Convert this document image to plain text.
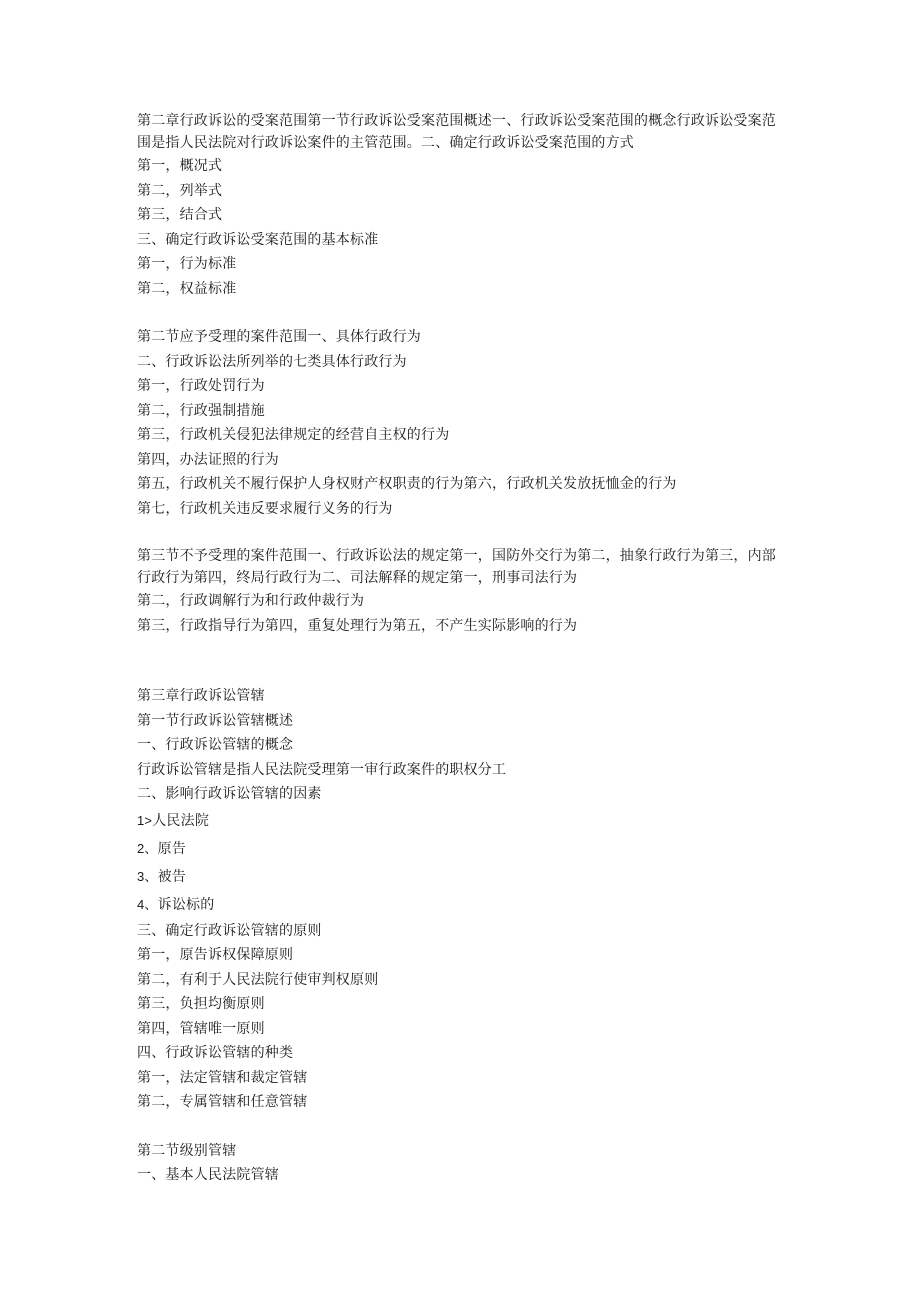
第二章行政诉讼的受案范围第一节行政诉讼受案范围概述一、行政诉讼受案范围的概念行政诉讼受案范围是指人民法院对行政诉讼案件的主管范围。二、确定行政诉讼受案范围的方式
第一，概况式
第二，列举式
第三，结合式
三、确定行政诉讼受案范围的基本标准
第一，行为标准
第二，权益标准
第二节应予受理的案件范围一、具体行政行为
二、行政诉讼法所列举的七类具体行政行为
第一，行政处罚行为
第二，行政强制措施
第三，行政机关侵犯法律规定的经营自主权的行为
第四，办法证照的行为
第五，行政机关不履行保护人身权财产权职责的行为第六，行政机关发放抚恤金的行为
第七，行政机关违反要求履行义务的行为
第三节不予受理的案件范围一、行政诉讼法的规定第一，国防外交行为第二，抽象行政行为第三，内部行政行为第四，终局行政行为二、司法解释的规定第一，刑事司法行为
第二，行政调解行为和行政仲裁行为
第三，行政指导行为第四，重复处理行为第五，不产生实际影响的行为
第三章行政诉讼管辖
第一节行政诉讼管辖概述
一、行政诉讼管辖的概念
行政诉讼管辖是指人民法院受理第一审行政案件的职权分工
二、影响行政诉讼管辖的因素
1>人民法院
2、原告
3、被告
4、诉讼标的
三、确定行政诉讼管辖的原则
第一，原告诉权保障原则
第二，有利于人民法院行使审判权原则
第三，负担均衡原则
第四，管辖唯一原则
四、行政诉讼管辖的种类
第一，法定管辖和裁定管辖
第二，专属管辖和任意管辖
第二节级别管辖
一、基本人民法院管辖
